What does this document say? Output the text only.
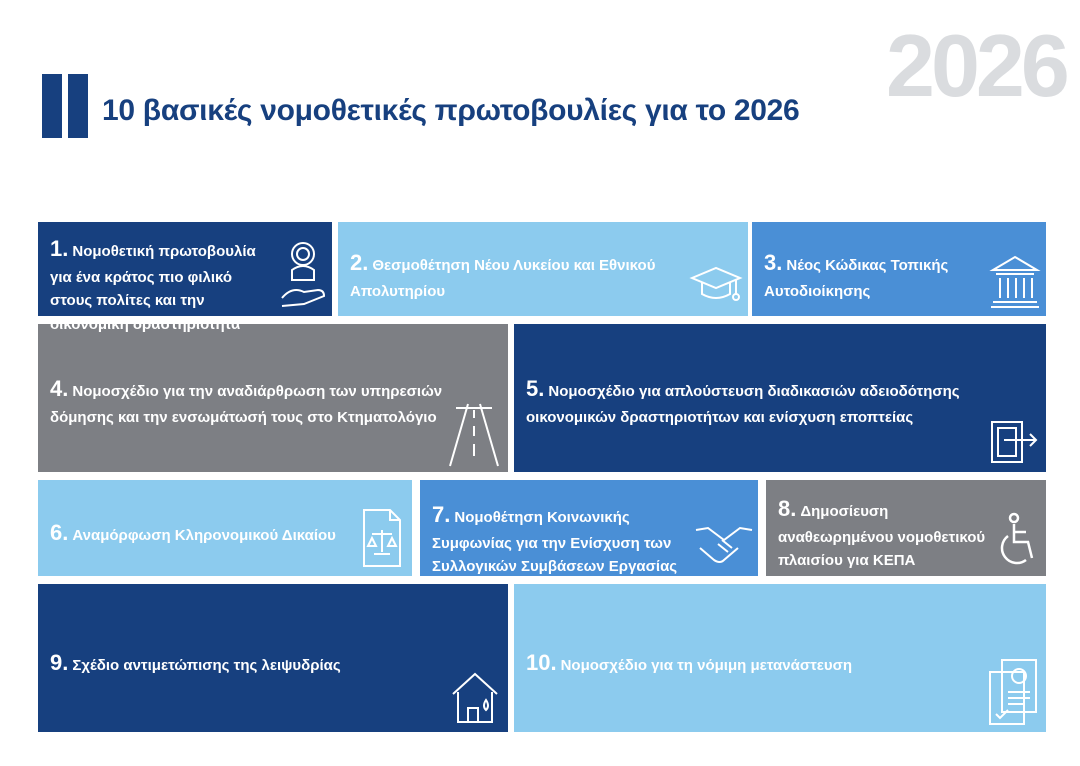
10 βασικές νομοθετικές πρωτοβουλίες για το 2026 2026
1. Νομοθετική πρωτοβουλία για ένα κράτος πιο φιλικό στους πολίτες και την οικονομική δραστηριότητα
2. Θεσμοθέτηση Νέου Λυκείου και Εθνικού Απολυτηρίου
3. Νέος Κώδικας Τοπικής Αυτοδιοίκησης
4. Νομοσχέδιο για την αναδιάρθρωση των υπηρεσιών δόμησης και την ενσωμάτωσή τους στο Κτηματολόγιο
5. Νομοσχέδιο για απλούστευση διαδικασιών αδειοδότησης οικονομικών δραστηριοτήτων και ενίσχυση εποπτείας
6. Αναμόρφωση Κληρονομικού Δικαίου
7. Νομοθέτηση Κοινωνικής Συμφωνίας για την Ενίσχυση των Συλλογικών Συμβάσεων Εργασίας
8. Δημοσίευση αναθεωρημένου νομοθετικού πλαισίου για ΚΕΠΑ
9. Σχέδιο αντιμετώπισης της λειψυδρίας	10. Νομοσχέδιο για τη νόμιμη μετανάστευση
